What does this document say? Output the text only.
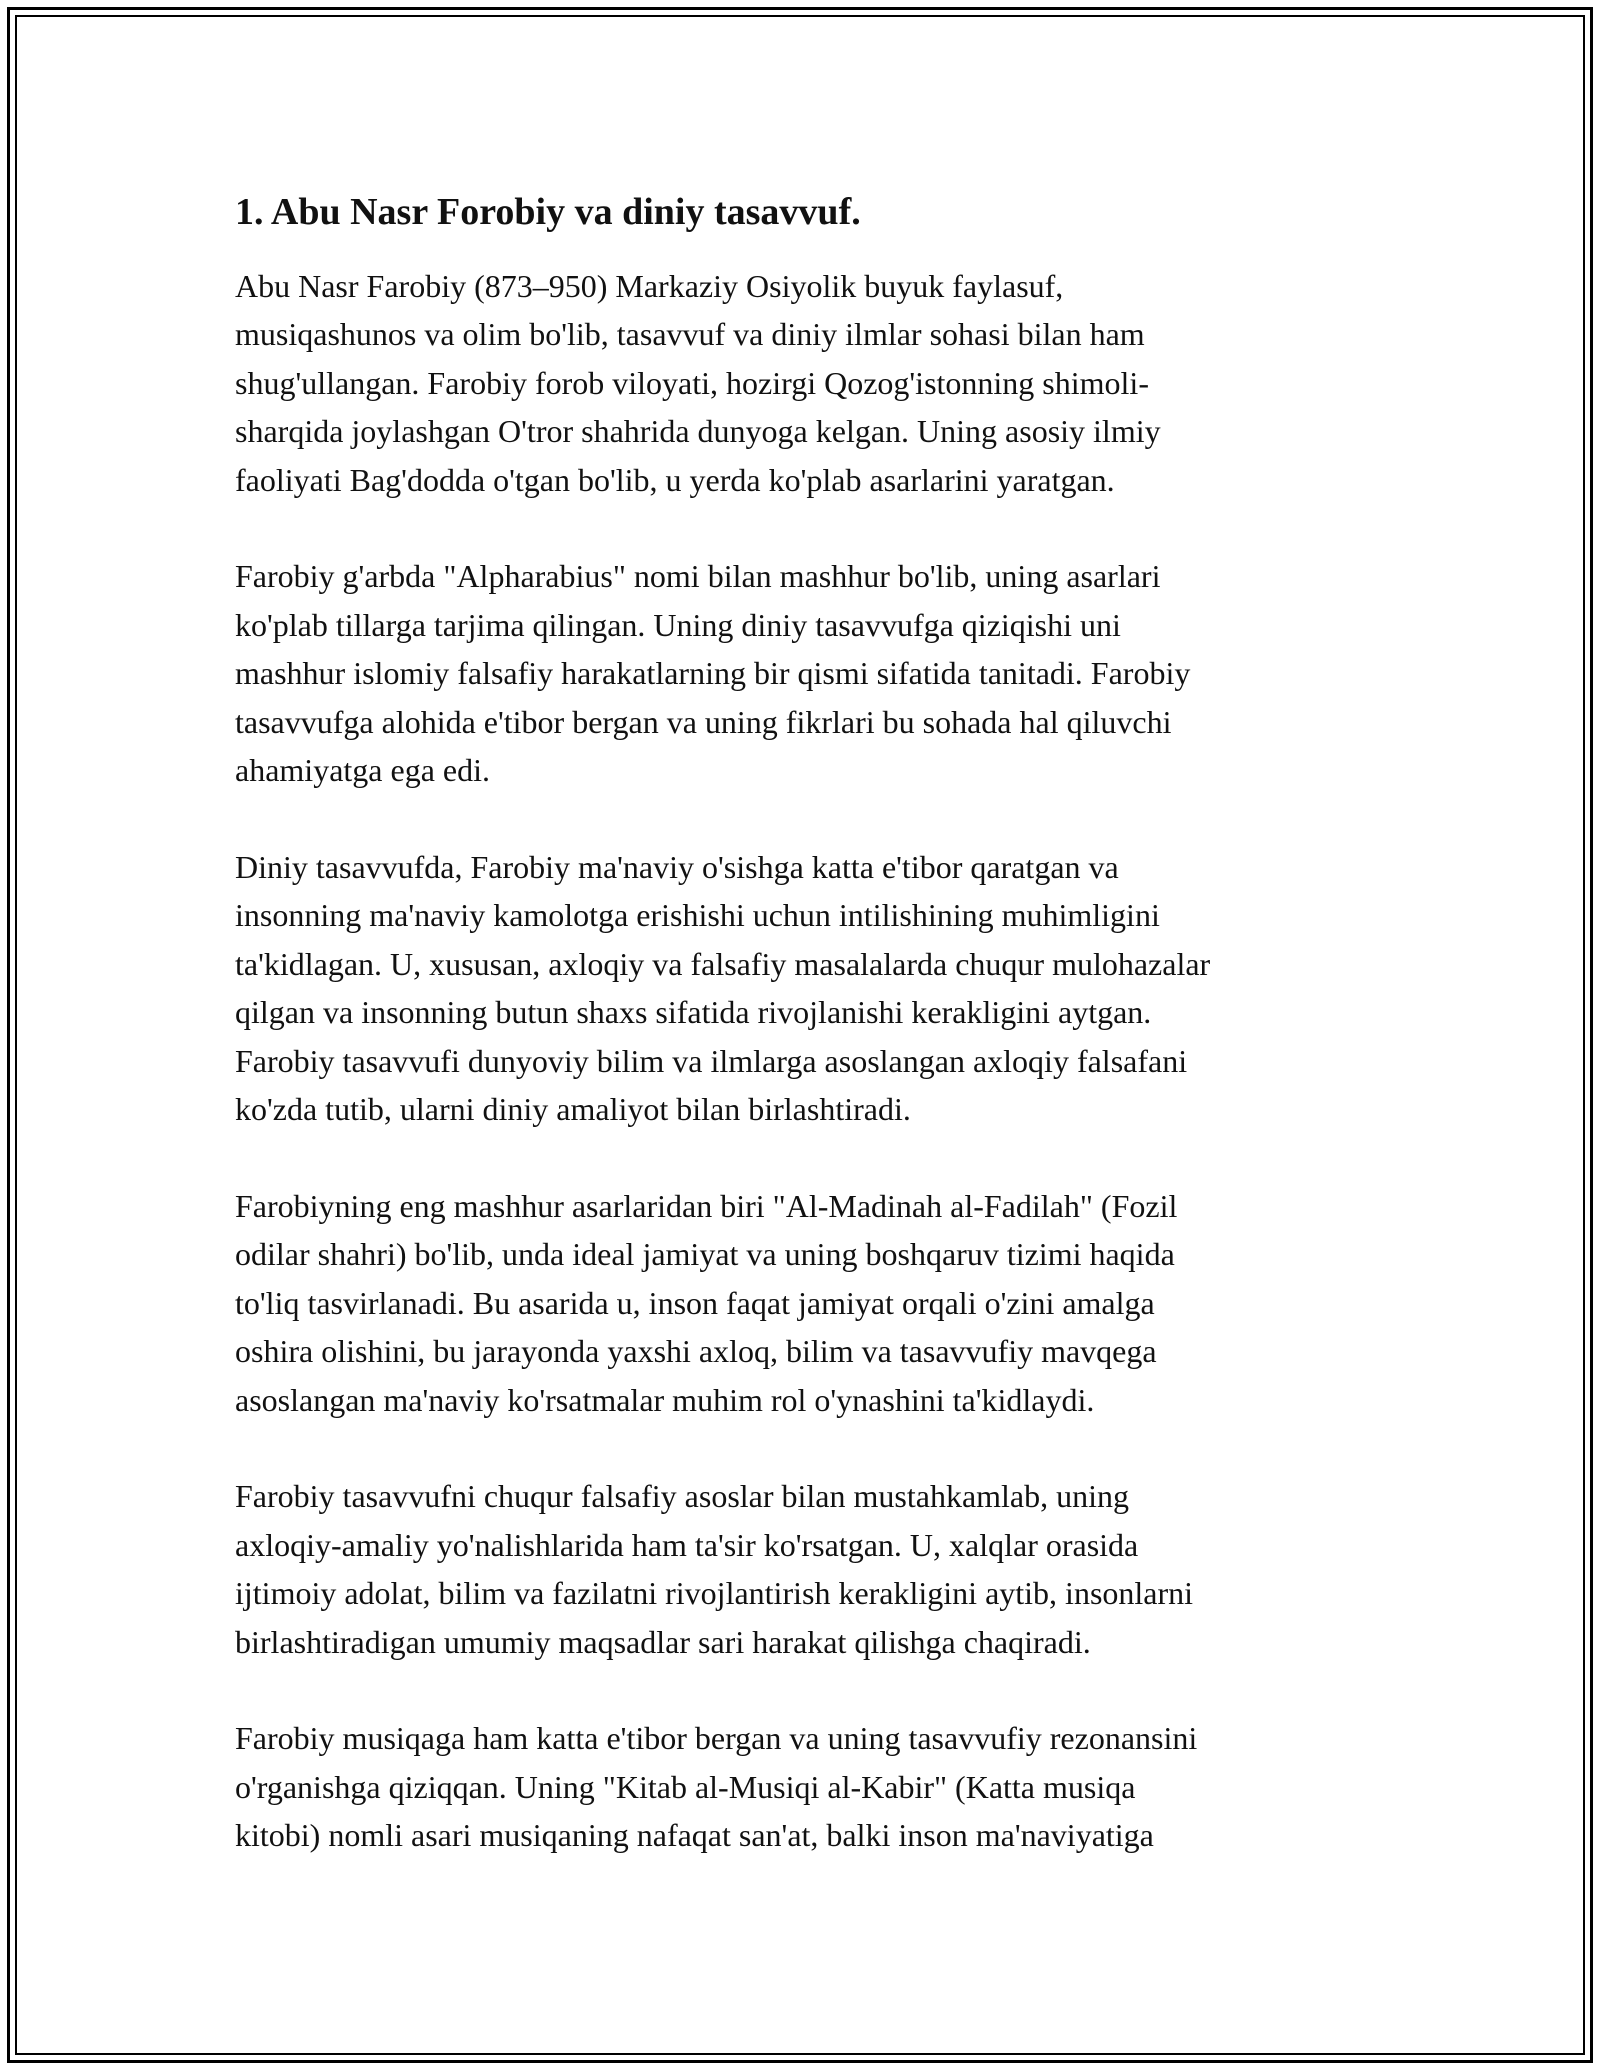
1. Abu Nasr Forobiy va diniy tasavvuf.

Abu Nasr Farobiy (873–950) Markaziy Osiyolik buyuk faylasuf,
musiqashunos va olim bo'lib, tasavvuf va diniy ilmlar sohasi bilan ham
shug'ullangan. Farobiy forob viloyati, hozirgi Qozog'istonning shimoli-
sharqida joylashgan O'tror shahrida dunyoga kelgan. Uning asosiy ilmiy
faoliyati Bag'dodda o'tgan bo'lib, u yerda ko'plab asarlarini yaratgan.

Farobiy g'arbda "Alpharabius" nomi bilan mashhur bo'lib, uning asarlari
ko'plab tillarga tarjima qilingan. Uning diniy tasavvufga qiziqishi uni
mashhur islomiy falsafiy harakatlarning bir qismi sifatida tanitadi. Farobiy
tasavvufga alohida e'tibor bergan va uning fikrlari bu sohada hal qiluvchi
ahamiyatga ega edi.

Diniy tasavvufda, Farobiy ma'naviy o'sishga katta e'tibor qaratgan va
insonning ma'naviy kamolotga erishishi uchun intilishining muhimligini
ta'kidlagan. U, xususan, axloqiy va falsafiy masalalarda chuqur mulohazalar
qilgan va insonning butun shaxs sifatida rivojlanishi kerakligini aytgan.
Farobiy tasavvufi dunyoviy bilim va ilmlarga asoslangan axloqiy falsafani
ko'zda tutib, ularni diniy amaliyot bilan birlashtiradi.

Farobiyning eng mashhur asarlaridan biri "Al-Madinah al-Fadilah" (Fozil
odilar shahri) bo'lib, unda ideal jamiyat va uning boshqaruv tizimi haqida
to'liq tasvirlanadi. Bu asarida u, inson faqat jamiyat orqali o'zini amalga
oshira olishini, bu jarayonda yaxshi axloq, bilim va tasavvufiy mavqega
asoslangan ma'naviy ko'rsatmalar muhim rol o'ynashini ta'kidlaydi.

Farobiy tasavvufni chuqur falsafiy asoslar bilan mustahkamlab, uning
axloqiy-amaliy yo'nalishlarida ham ta'sir ko'rsatgan. U, xalqlar orasida
ijtimoiy adolat, bilim va fazilatni rivojlantirish kerakligini aytib, insonlarni
birlashtiradigan umumiy maqsadlar sari harakat qilishga chaqiradi.

Farobiy musiqaga ham katta e'tibor bergan va uning tasavvufiy rezonansini
o'rganishga qiziqqan. Uning "Kitab al-Musiqi al-Kabir" (Katta musiqa
kitobi) nomli asari musiqaning nafaqat san'at, balki inson ma'naviyatiga
